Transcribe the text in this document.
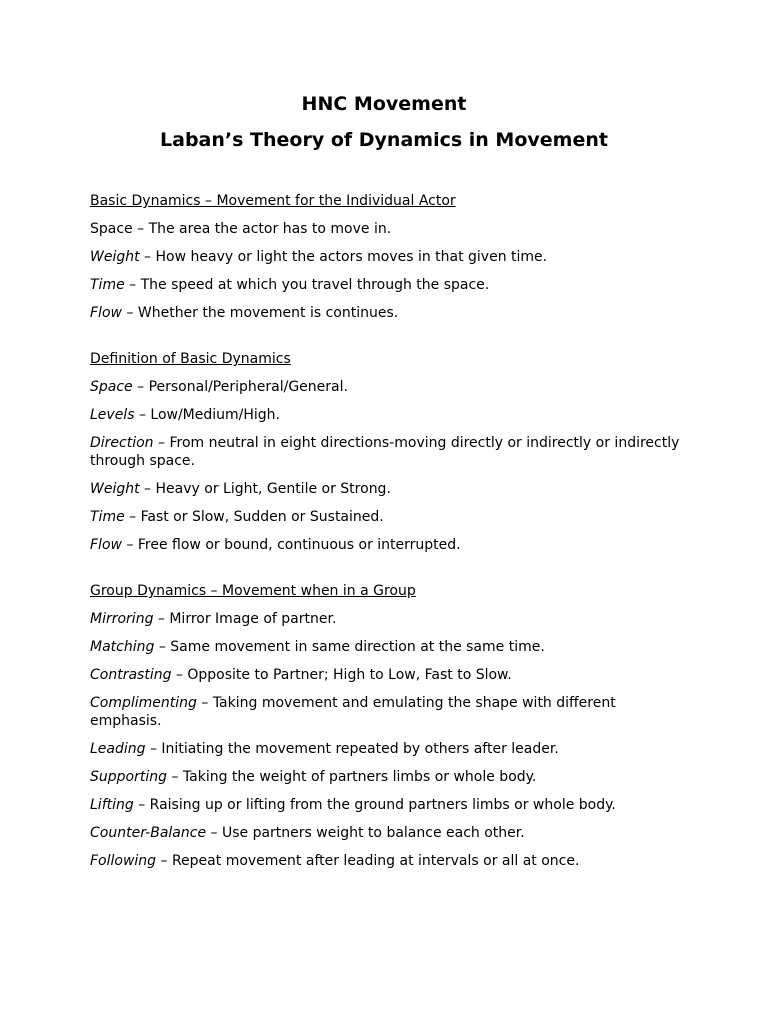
HNC Movement
Laban’s Theory of Dynamics in Movement
Basic Dynamics – Movement for the Individual Actor
Space – The area the actor has to move in.
Weight – How heavy or light the actors moves in that given time.
Time – The speed at which you travel through the space.
Flow – Whether the movement is continues.
Definition of Basic Dynamics
Space – Personal/Peripheral/General.
Levels – Low/Medium/High.
Direction – From neutral in eight directions-moving directly or indirectly or indirectly through space.
Weight – Heavy or Light, Gentile or Strong.
Time – Fast or Slow, Sudden or Sustained.
Flow – Free flow or bound, continuous or interrupted.
Group Dynamics – Movement when in a Group
Mirroring – Mirror Image of partner.
Matching – Same movement in same direction at the same time.
Contrasting – Opposite to Partner; High to Low, Fast to Slow.
Complimenting – Taking movement and emulating the shape with different emphasis.
Leading – Initiating the movement repeated by others after leader.
Supporting – Taking the weight of partners limbs or whole body.
Lifting – Raising up or lifting from the ground partners limbs or whole body.
Counter-Balance – Use partners weight to balance each other.
Following – Repeat movement after leading at intervals or all at once.
